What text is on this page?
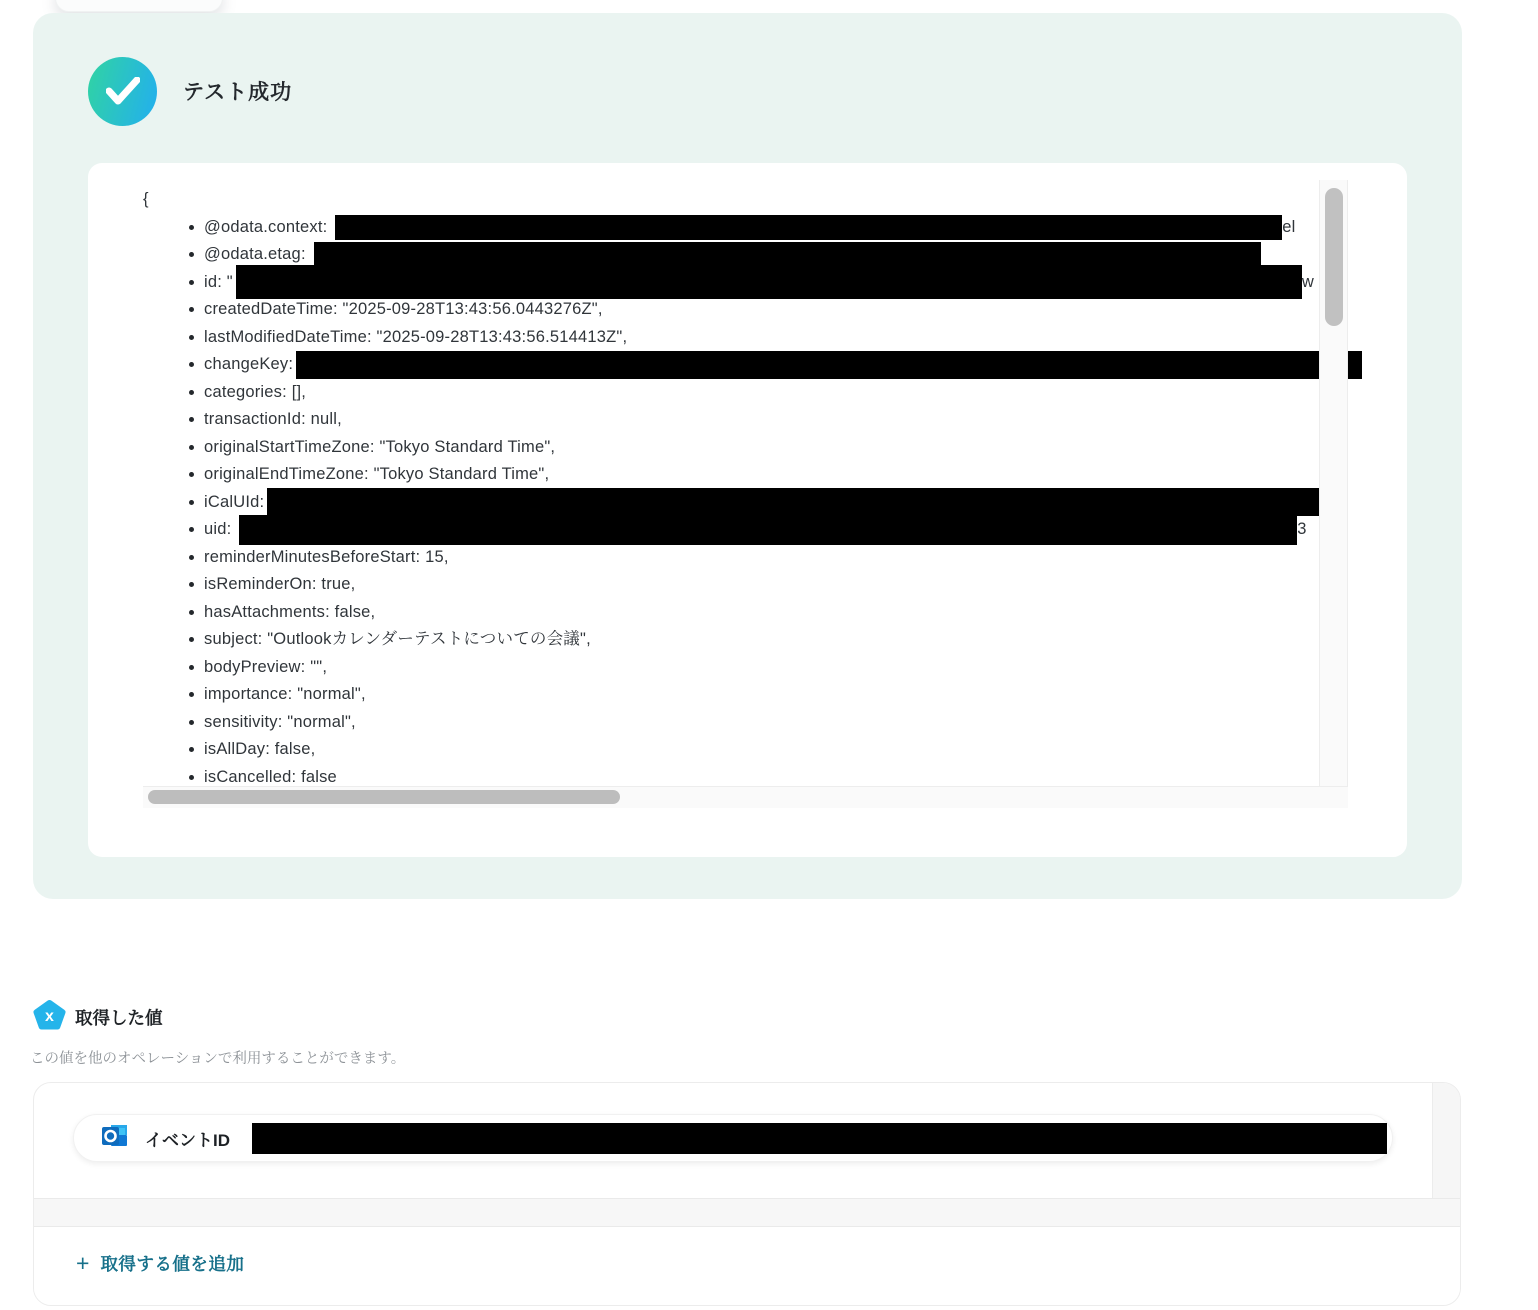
テスト成功
{
@odata.context:	el
@odata.etag:
id: "	w
createdDateTime: "2025-09-28T13:43:56.0443276Z",
lastModifiedDateTime: "2025-09-28T13:43:56.514413Z",
changeKey:
categories: [],
transactionId: null,
originalStartTimeZone: "Tokyo Standard Time",
originalEndTimeZone: "Tokyo Standard Time",
iCalUId:
uid:	3
reminderMinutesBeforeStart: 15,
isReminderOn: true,
hasAttachments: false,
subject: "Outlookカレンダーテストについての会議",
bodyPreview: "",
importance: "normal",
sensitivity: "normal",
isAllDay: false,
isCancelled: false
x 取得した値
この値を他のオペレーションで利用することができます。
イベントID
+ 取得する値を追加
